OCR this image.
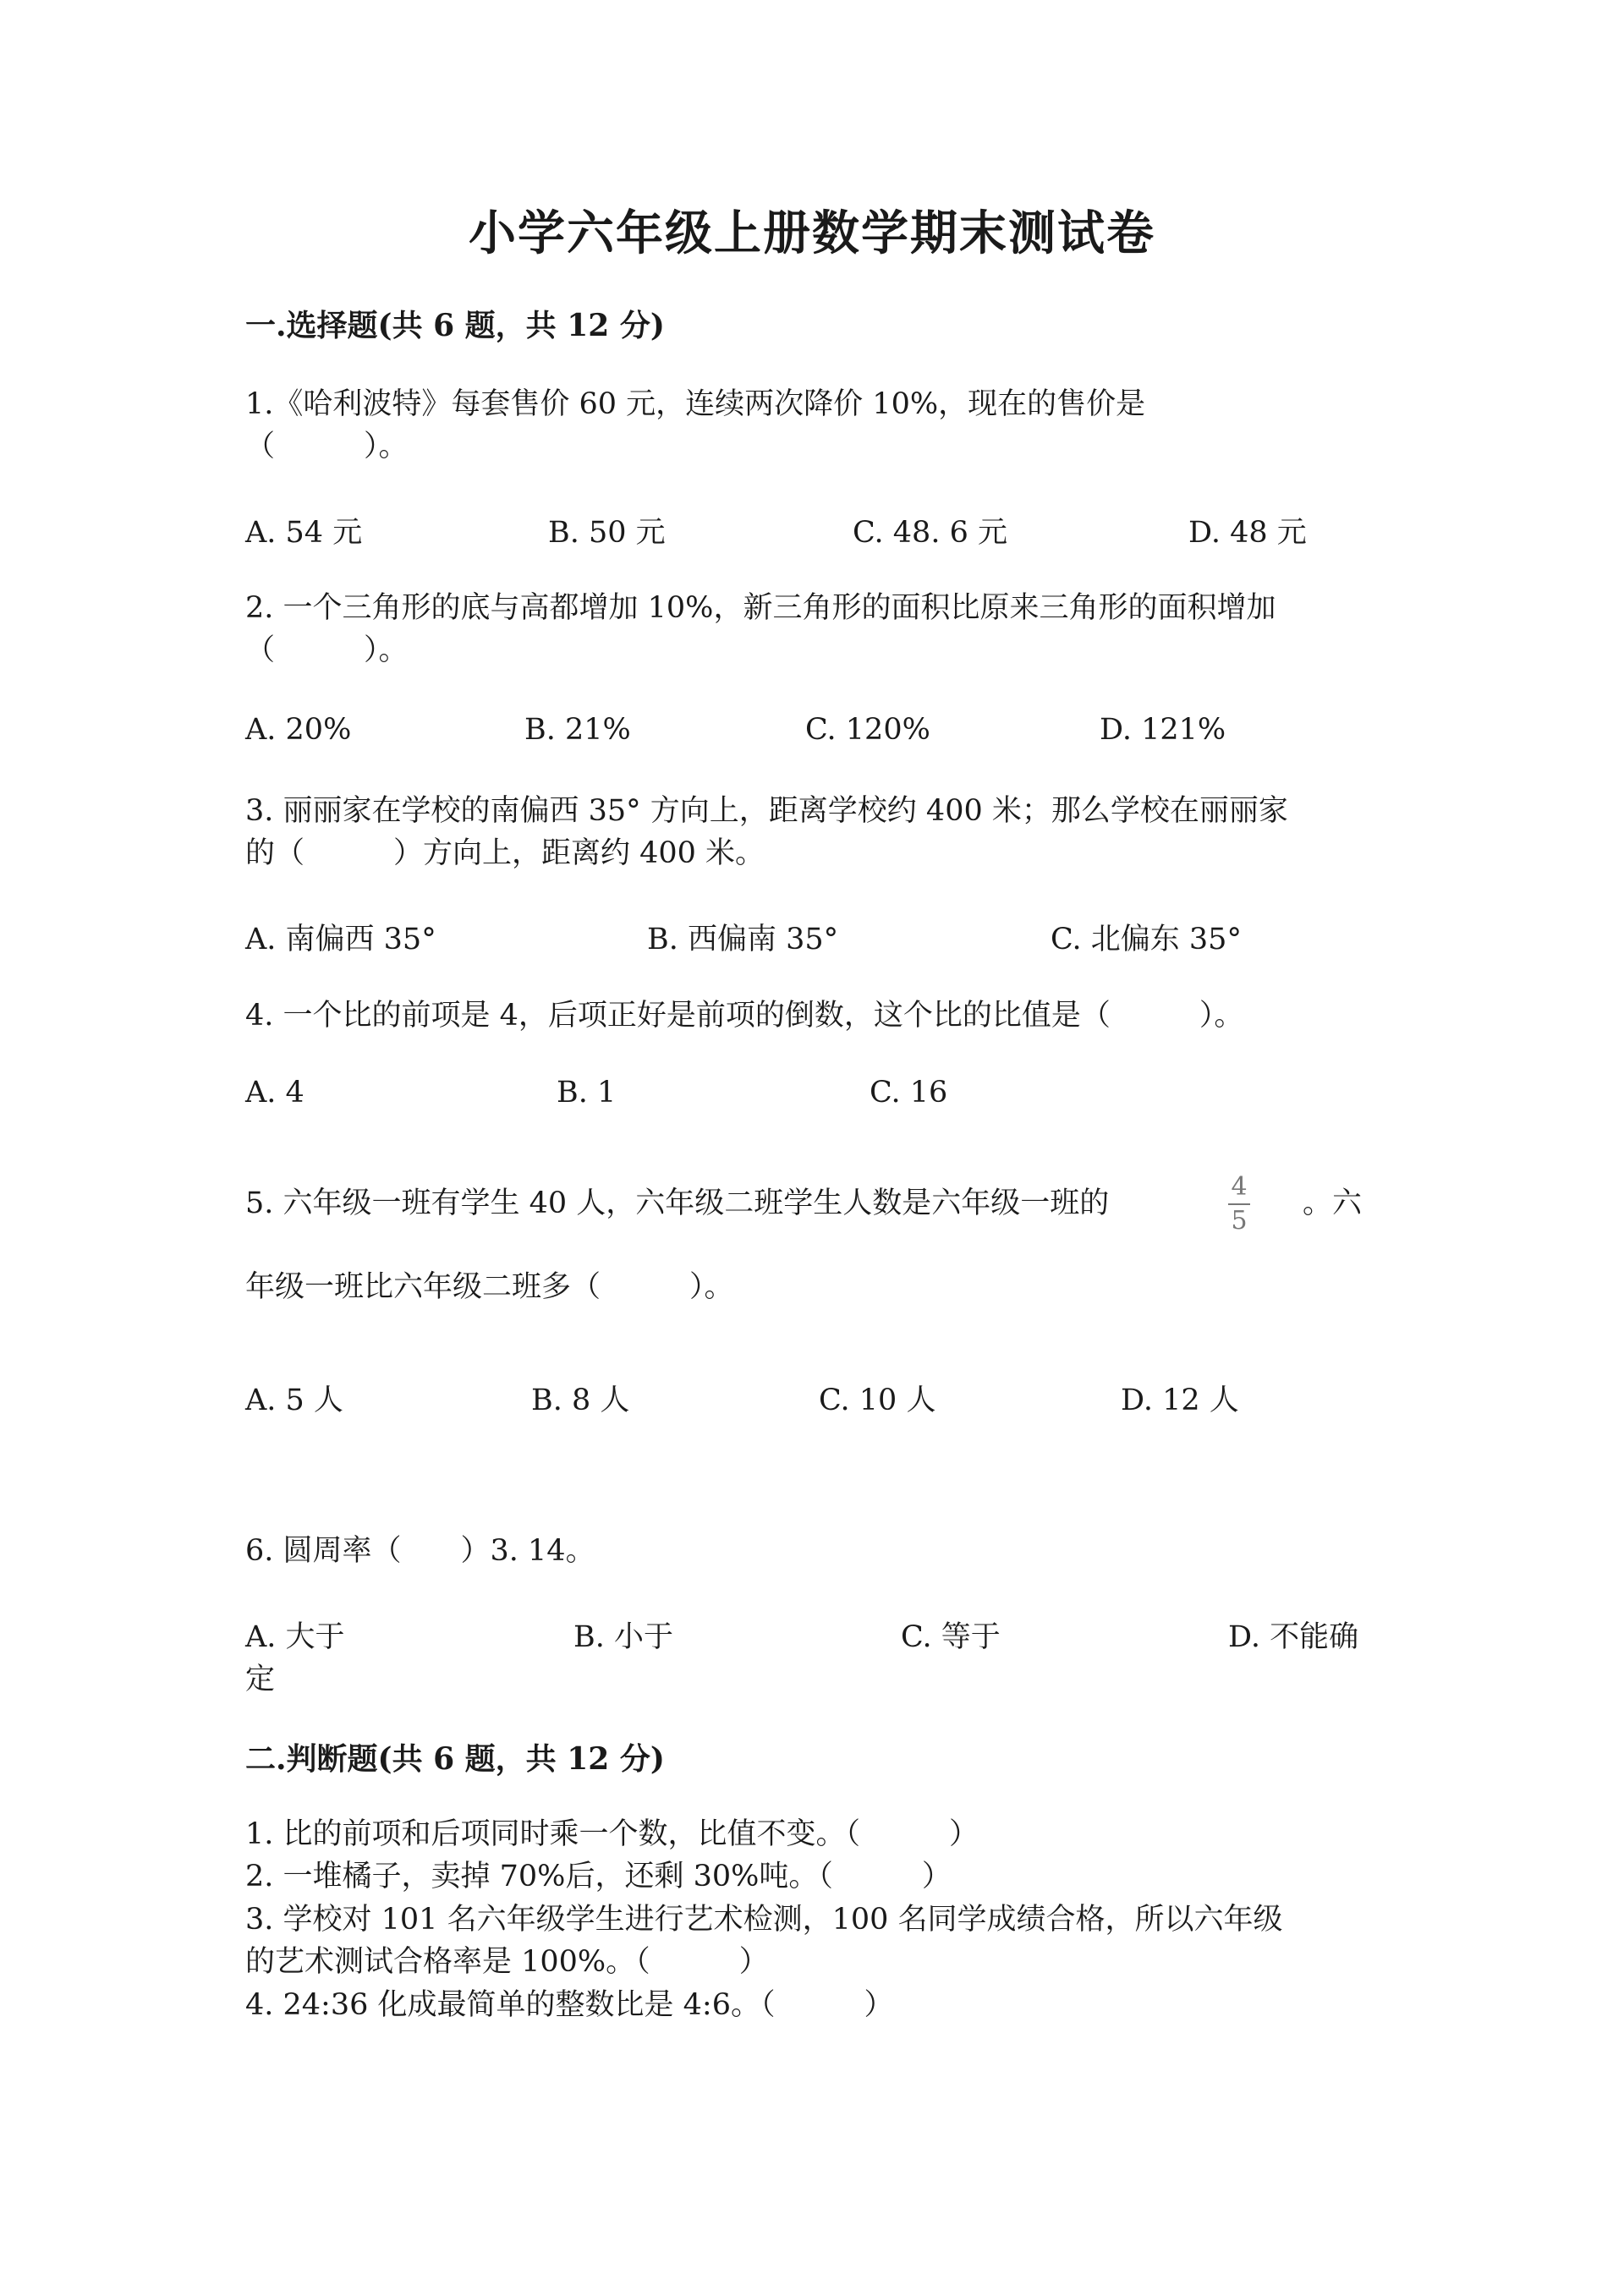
小学六年级上册数学期末测试卷
一.选择题(共 6 题，共 12 分)
1.《哈利波特》每套售价 60 元，连续两次降价 10%，现在的售价是
（　　　）。
A. 54 元	B. 50 元	C. 48. 6 元	D. 48 元
2. 一个三角形的底与高都增加 10%，新三角形的面积比原来三角形的面积增加
（　　　）。
A. 20%	B. 21%	C. 120%	D. 121%
3. 丽丽家在学校的南偏西 35° 方向上，距离学校约 400 米；那么学校在丽丽家
的（　　　）方向上，距离约 400 米。
A. 南偏西 35°	B. 西偏南 35°	C. 北偏东 35°
4. 一个比的前项是 4，后项正好是前项的倒数，这个比的比值是（　　　）。
A. 4	B. 1	C. 16
5. 六年级一班有学生 40 人，六年级二班学生人数是六年级一班的	4
5
。六
年级一班比六年级二班多（　　　）。
A. 5 人	B. 8 人	C. 10 人	D. 12 人
6. 圆周率（　　）3. 14。
A. 大于	B. 小于	C. 等于	D. 不能确
定
二.判断题(共 6 题，共 12 分)
1. 比的前项和后项同时乘一个数，比值不变。（　　　）
2. 一堆橘子，卖掉 70%后，还剩 30%吨。（　　　）
3. 学校对 101 名六年级学生进行艺术检测，100 名同学成绩合格，所以六年级
的艺术测试合格率是 100%。（　　　）
4. 24:36 化成最简单的整数比是 4:6。（　　　）
